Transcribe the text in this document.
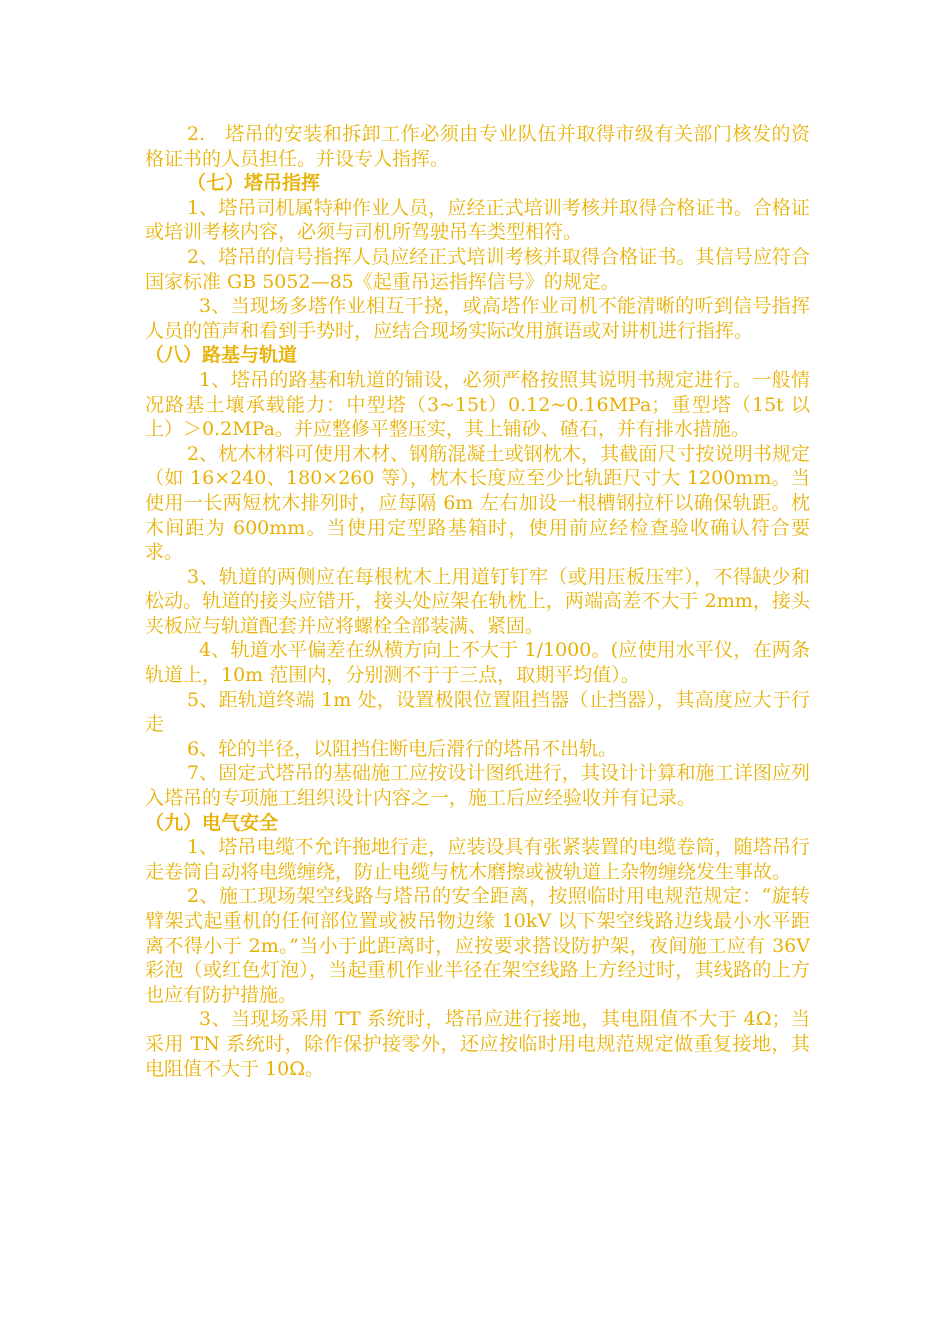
2.　塔吊的安装和拆卸工作必须由专业队伍并取得市级有关部门核发的资格证书的人员担任。并设专人指挥。

（七）塔吊指挥

1、塔吊司机属特种作业人员，应经正式培训考核并取得合格证书。合格证或培训考核内容，必须与司机所驾驶吊车类型相符。

2、塔吊的信号指挥人员应经正式培训考核并取得合格证书。其信号应符合国家标准 GB 5052—85《起重吊运指挥信号》的规定。

3、当现场多塔作业相互干挠，或高塔作业司机不能清晰的听到信号指挥人员的笛声和看到手势时，应结合现场实际改用旗语或对讲机进行指挥。

（八）路基与轨道

1、塔吊的路基和轨道的铺设，必须严格按照其说明书规定进行。一般情况路基土壤承载能力：中型塔（3~15t）0.12~0.16MPa；重型塔（15t 以上）＞0.2MPa。并应整修平整压实，其上铺砂、碴石，并有排水措施。

2、枕木材料可使用木材、钢筋混凝土或钢枕木，其截面尺寸按说明书规定（如 16×240、180×260 等），枕木长度应至少比轨距尺寸大 1200mm。当使用一长两短枕木排列时，应每隔 6m 左右加设一根槽钢拉杆以确保轨距。枕木间距为 600mm。当使用定型路基箱时，使用前应经检查验收确认符合要求。

3、轨道的两侧应在每根枕木上用道钉钉牢（或用压板压牢），不得缺少和松动。轨道的接头应错开，接头处应架在轨枕上，两端高差不大于 2mm，接头夹板应与轨道配套并应将螺栓全部装满、紧固。

4、轨道水平偏差在纵横方向上不大于 1/1000。(应使用水平仪，在两条轨道上，10m 范围内，分别测不于于三点，取期平均值）。

5、距轨道终端 1m 处，设置极限位置阻挡器（止挡器），其高度应大于行走

6、轮的半径，以阻挡住断电后滑行的塔吊不出轨。

7、固定式塔吊的基础施工应按设计图纸进行，其设计计算和施工详图应列入塔吊的专项施工组织设计内容之一，施工后应经验收并有记录。

（九）电气安全

1、塔吊电缆不允许拖地行走，应装设具有张紧装置的电缆卷筒，随塔吊行走卷筒自动将电缆缠绕，防止电缆与枕木磨擦或被轨道上杂物缠绕发生事故。

2、施工现场架空线路与塔吊的安全距离，按照临时用电规范规定：“旋转臂架式起重机的任何部位置或被吊物边缘 10kV 以下架空线路边线最小水平距离不得小于 2m。”当小于此距离时，应按要求搭设防护架，夜间施工应有 36V 彩泡（或红色灯泡），当起重机作业半径在架空线路上方经过时，其线路的上方也应有防护措施。

3、当现场采用 TT 系统时，塔吊应进行接地，其电阻值不大于 4Ω；当采用 TN 系统时，除作保护接零外，还应按临时用电规范规定做重复接地，其电阻值不大于 10Ω。
